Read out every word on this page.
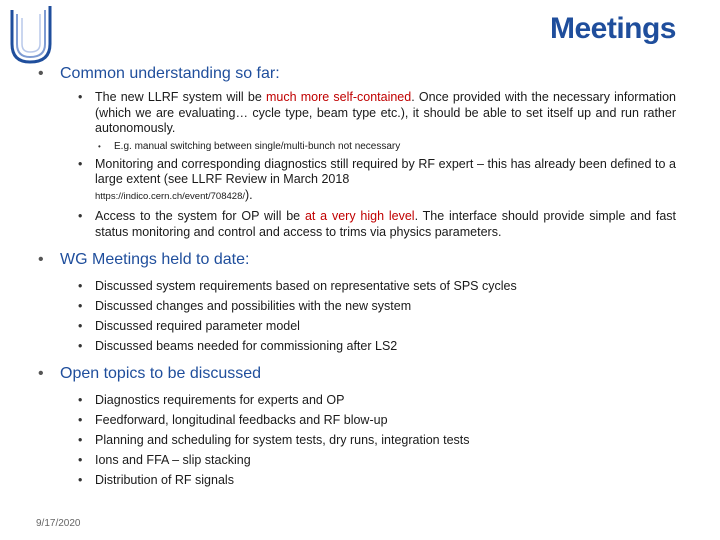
Meetings

• Common understanding so far:

• The new LLRF system will be much more self-contained. Once provided with the necessary information (which we are evaluating… cycle type, beam type etc.), it should be able to set itself up and run rather autonomously.

• E.g. manual switching between single/multi-bunch not necessary

• Monitoring and corresponding diagnostics still required by RF expert – this has already been defined to a large extent (see LLRF Review in March 2018
https://indico.cern.ch/event/708428/).

• Access to the system for OP will be at a very high level. The interface should provide simple and fast status monitoring and control and access to trims via physics parameters.

• WG Meetings held to date:

• Discussed system requirements based on representative sets of SPS cycles
• Discussed changes and possibilities with the new system
• Discussed required parameter model
• Discussed beams needed for commissioning after LS2

• Open topics to be discussed

• Diagnostics requirements for experts and OP
• Feedforward, longitudinal feedbacks and RF blow-up
• Planning and scheduling for system tests, dry runs, integration tests
• Ions and FFA – slip stacking
• Distribution of RF signals
9/17/2020
